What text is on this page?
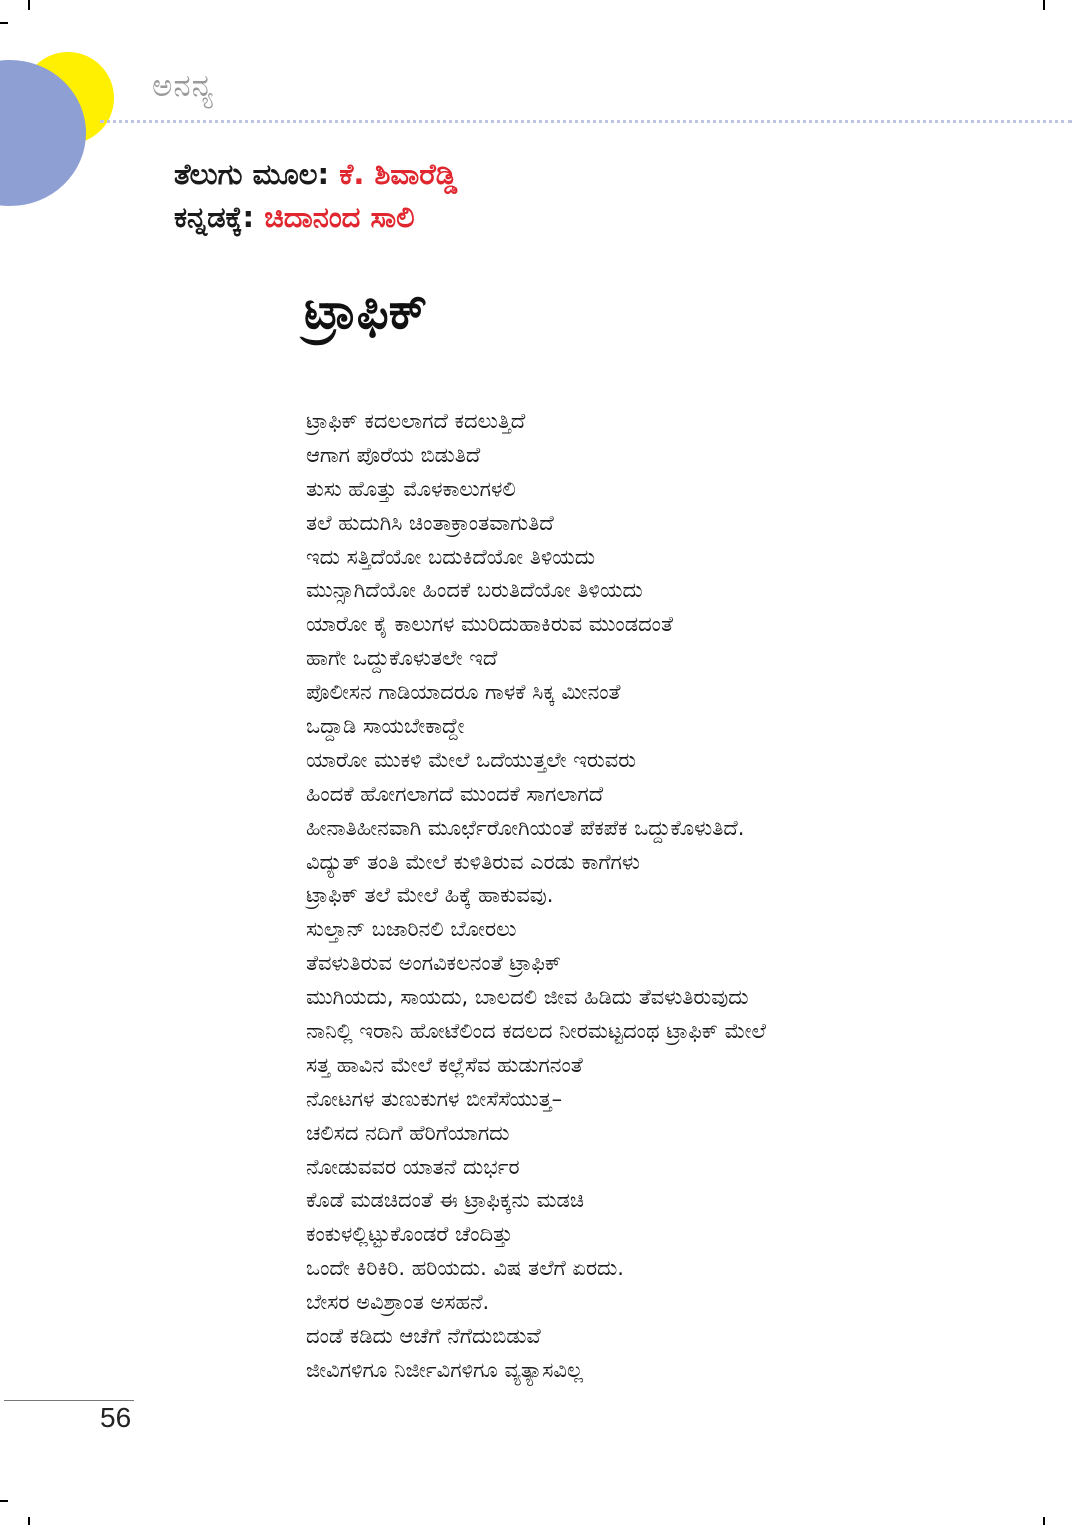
ಅನನ್ಯ
ತೆಲುಗು ಮೂಲ: ಕೆ. ಶಿವಾರೆಡ್ಡಿ
ಕನ್ನಡಕ್ಕೆ: ಚಿದಾನಂದ ಸಾಲಿ
ಟ್ರಾಫಿಕ್
ಟ್ರಾಫಿಕ್ ಕದಲಲಾಗದೆ ಕದಲುತ್ತಿದೆ
ಆಗಾಗ ಪೊರೆಯ ಬಿಡುತಿದೆ
ತುಸು ಹೊತ್ತು ಮೊಳಕಾಲುಗಳಲಿ
ತಲೆ ಹುದುಗಿಸಿ ಚಿಂತಾಕ್ರಾಂತವಾಗುತಿದೆ
ಇದು ಸತ್ತಿದೆಯೋ ಬದುಕಿದೆಯೋ ತಿಳಿಯದು
ಮುನ್ಸಾಗಿದೆಯೋ ಹಿಂದಕೆ ಬರುತಿದೆಯೋ ತಿಳಿಯದು
ಯಾರೋ ಕೈ ಕಾಲುಗಳ ಮುರಿದುಹಾಕಿರುವ ಮುಂಡದಂತೆ
ಹಾಗೇ ಒದ್ದುಕೊಳುತಲೇ ಇದೆ
ಪೊಲೀಸನ ಗಾಡಿಯಾದರೂ ಗಾಳಕೆ ಸಿಕ್ಕ ಮೀನಂತೆ
ಒದ್ದಾಡಿ ಸಾಯಬೇಕಾದ್ದೇ
ಯಾರೋ ಮುಕಳಿ ಮೇಲೆ ಒದೆಯುತ್ತಲೇ ಇರುವರು
ಹಿಂದಕೆ ಹೋಗಲಾಗದೆ ಮುಂದಕೆ ಸಾಗಲಾಗದೆ
ಹೀನಾತಿಹೀನವಾಗಿ ಮೂರ್ಛೆರೋಗಿಯಂತೆ ಪೆಕಪೆಕ ಒದ್ದುಕೊಳುತಿದೆ.
ವಿದ್ಯುತ್ ತಂತಿ ಮೇಲೆ ಕುಳಿತಿರುವ ಎರಡು ಕಾಗೆಗಳು
ಟ್ರಾಫಿಕ್ ತಲೆ ಮೇಲೆ ಹಿಕ್ಕೆ ಹಾಕುವವು.
ಸುಲ್ತಾನ್ ಬಜಾರಿನಲಿ ಬೋರಲು
ತೆವಳುತಿರುವ ಅಂಗವಿಕಲನಂತೆ ಟ್ರಾಫಿಕ್
ಮುಗಿಯದು, ಸಾಯದು, ಬಾಲದಲಿ ಜೀವ ಹಿಡಿದು ತೆವಳುತಿರುವುದು
ನಾನಿಲ್ಲಿ ಇರಾನಿ ಹೋಟೆಲಿಂದ ಕದಲದ ನೀರಮಟ್ಟದಂಥ ಟ್ರಾಫಿಕ್ ಮೇಲೆ
ಸತ್ತ ಹಾವಿನ ಮೇಲೆ ಕಲ್ಲೆಸೆವ ಹುಡುಗನಂತೆ
ನೋಟಗಳ ತುಣುಕುಗಳ ಬೀಸೆಸೆಯುತ್ತ–
ಚಲಿಸದ ನದಿಗೆ ಹೆರಿಗೆಯಾಗದು
ನೋಡುವವರ ಯಾತನೆ ದುರ್ಭರ
ಕೊಡೆ ಮಡಚಿದಂತೆ ಈ ಟ್ರಾಫಿಕ್ಕನು ಮಡಚಿ
ಕಂಕುಳಲ್ಲಿಟ್ಟುಕೊಂಡರೆ ಚೆಂದಿತ್ತು
ಒಂದೇ ಕಿರಿಕಿರಿ. ಹರಿಯದು. ವಿಷ ತಲೆಗೆ ಏರದು.
ಬೇಸರ ಅವಿಶ್ರಾಂತ ಅಸಹನೆ.
ದಂಡೆ ಕಡಿದು ಆಚೆಗೆ ನೆಗೆದುಬಿಡುವೆ
ಜೀವಿಗಳಿಗೂ ನಿರ್ಜೀವಿಗಳಿಗೂ ವ್ಯತ್ಯಾಸವಿಲ್ಲ
56
